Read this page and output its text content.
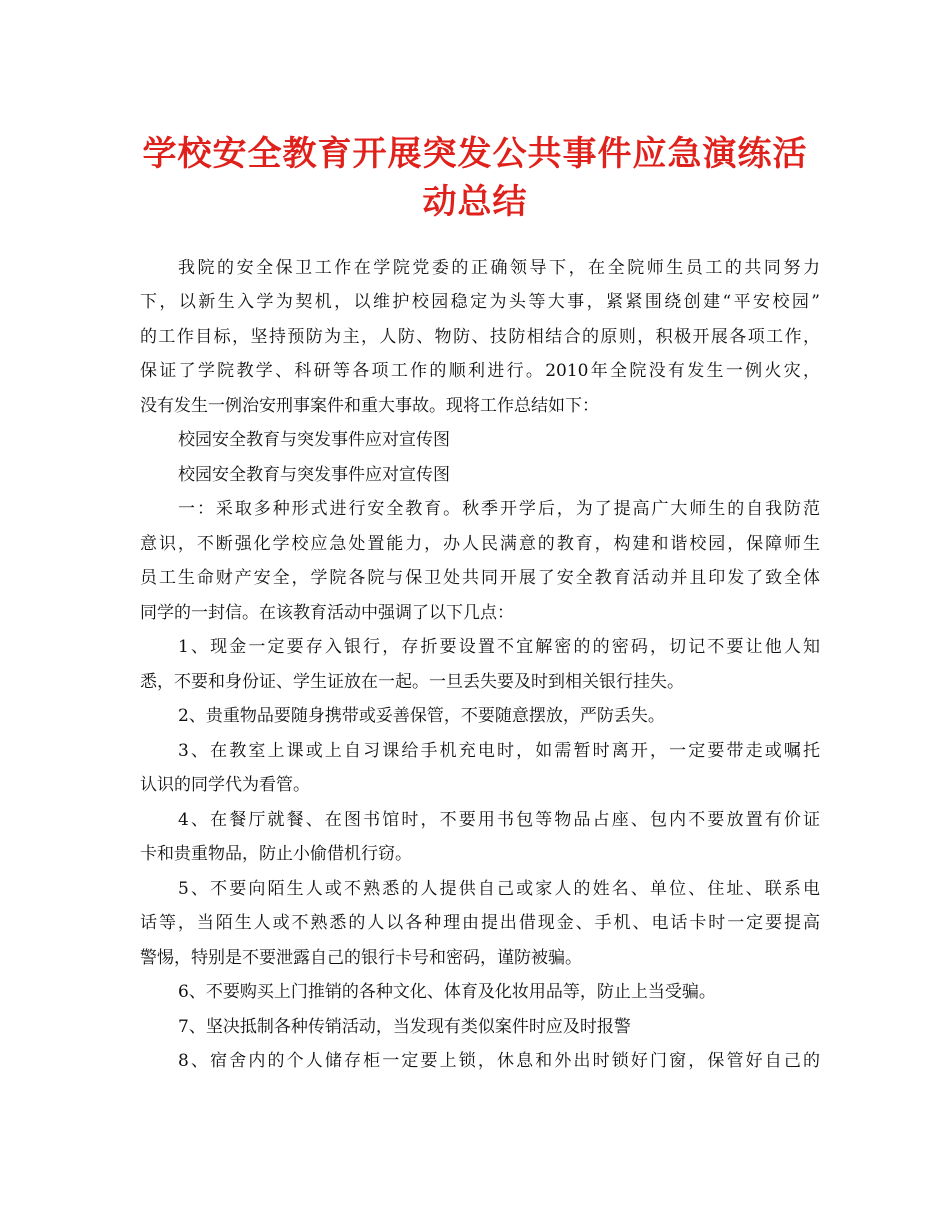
学校安全教育开展突发公共事件应急演练活
动总结
我院的安全保卫工作在学院党委的正确领导下，在全院师生员工的共同努力
下，以新生入学为契机，以维护校园稳定为头等大事，紧紧围绕创建“平安校园”
的工作目标，坚持预防为主，人防、物防、技防相结合的原则，积极开展各项工作，
保证了学院教学、科研等各项工作的顺利进行。2010年全院没有发生一例火灾，
没有发生一例治安刑事案件和重大事故。现将工作总结如下：
校园安全教育与突发事件应对宣传图
校园安全教育与突发事件应对宣传图
一：采取多种形式进行安全教育。秋季开学后，为了提高广大师生的自我防范
意识，不断强化学校应急处置能力，办人民满意的教育，构建和谐校园，保障师生
员工生命财产安全，学院各院与保卫处共同开展了安全教育活动并且印发了致全体
同学的一封信。在该教育活动中强调了以下几点：
1、现金一定要存入银行，存折要设置不宜解密的的密码，切记不要让他人知
悉，不要和身份证、学生证放在一起。一旦丢失要及时到相关银行挂失。
2、贵重物品要随身携带或妥善保管，不要随意摆放，严防丢失。
3、在教室上课或上自习课给手机充电时，如需暂时离开，一定要带走或嘱托
认识的同学代为看管。
4、在餐厅就餐、在图书馆时，不要用书包等物品占座、包内不要放置有价证
卡和贵重物品，防止小偷借机行窃。
5、不要向陌生人或不熟悉的人提供自己或家人的姓名、单位、住址、联系电
话等，当陌生人或不熟悉的人以各种理由提出借现金、手机、电话卡时一定要提高
警惕，特别是不要泄露自己的银行卡号和密码，谨防被骗。
6、不要购买上门推销的各种文化、体育及化妆用品等，防止上当受骗。
7、坚决抵制各种传销活动，当发现有类似案件时应及时报警
8、宿舍内的个人储存柜一定要上锁，休息和外出时锁好门窗，保管好自己的
